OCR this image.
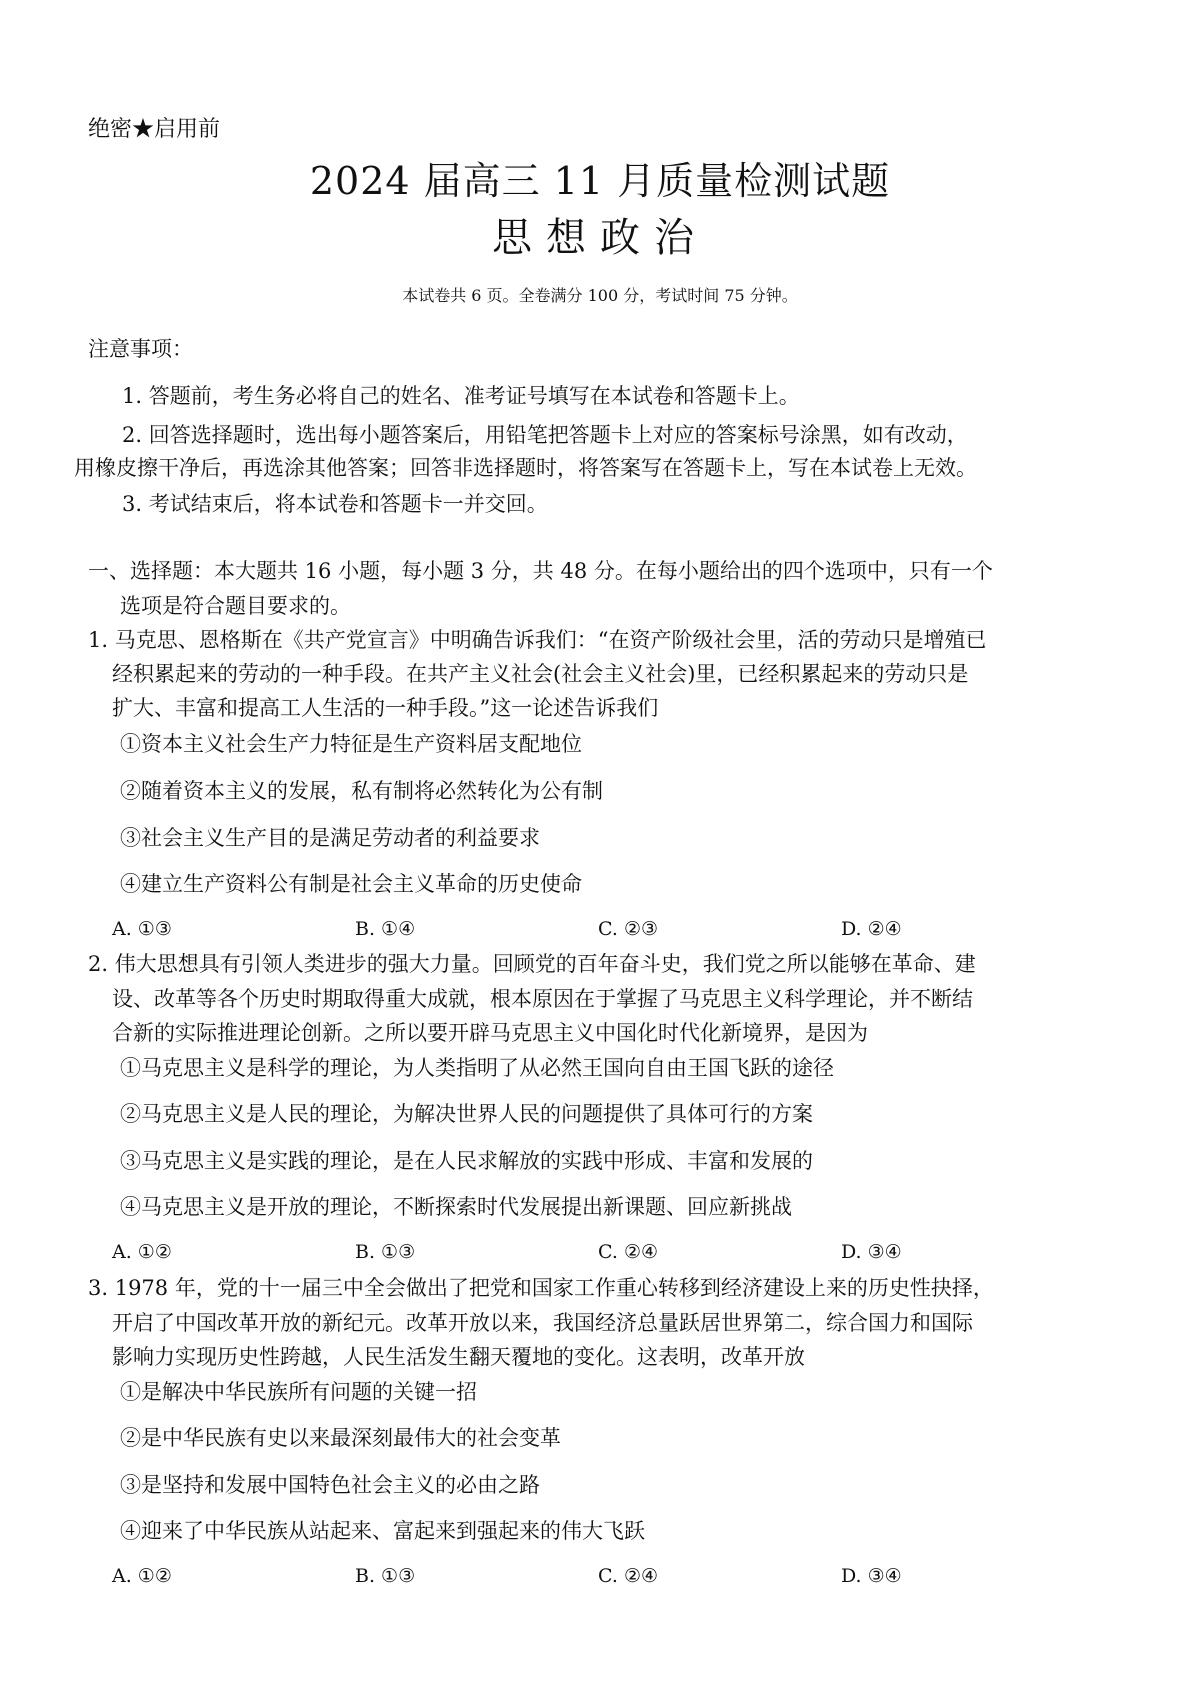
绝密★启用前
2024 届高三 11 月质量检测试题
思想政治
本试卷共 6 页。全卷满分 100 分，考试时间 75 分钟。
注意事项：
1. 答题前，考生务必将自己的姓名、准考证号填写在本试卷和答题卡上。
2. 回答选择题时，选出每小题答案后，用铅笔把答题卡上对应的答案标号涂黑，如有改动，
用橡皮擦干净后，再选涂其他答案；回答非选择题时，将答案写在答题卡上，写在本试卷上无效。
3. 考试结束后，将本试卷和答题卡一并交回。
一、选择题：本大题共 16 小题，每小题 3 分，共 48 分。在每小题给出的四个选项中，只有一个
选项是符合题目要求的。
1. 马克思、恩格斯在《共产党宣言》中明确告诉我们：“在资产阶级社会里，活的劳动只是增殖已
经积累起来的劳动的一种手段。在共产主义社会(社会主义社会)里，已经积累起来的劳动只是
扩大、丰富和提高工人生活的一种手段。”这一论述告诉我们
①资本主义社会生产力特征是生产资料居支配地位
②随着资本主义的发展，私有制将必然转化为公有制
③社会主义生产目的是满足劳动者的利益要求
④建立生产资料公有制是社会主义革命的历史使命
A. ①③	B. ①④	C. ②③	D. ②④
2. 伟大思想具有引领人类进步的强大力量。回顾党的百年奋斗史，我们党之所以能够在革命、建
设、改革等各个历史时期取得重大成就，根本原因在于掌握了马克思主义科学理论，并不断结
合新的实际推进理论创新。之所以要开辟马克思主义中国化时代化新境界，是因为
①马克思主义是科学的理论，为人类指明了从必然王国向自由王国飞跃的途径
②马克思主义是人民的理论，为解决世界人民的问题提供了具体可行的方案
③马克思主义是实践的理论，是在人民求解放的实践中形成、丰富和发展的
④马克思主义是开放的理论，不断探索时代发展提出新课题、回应新挑战
A. ①②	B. ①③	C. ②④	D. ③④
3. 1978 年，党的十一届三中全会做出了把党和国家工作重心转移到经济建设上来的历史性抉择，
开启了中国改革开放的新纪元。改革开放以来，我国经济总量跃居世界第二，综合国力和国际
影响力实现历史性跨越，人民生活发生翻天覆地的变化。这表明，改革开放
①是解决中华民族所有问题的关键一招
②是中华民族有史以来最深刻最伟大的社会变革
③是坚持和发展中国特色社会主义的必由之路
④迎来了中华民族从站起来、富起来到强起来的伟大飞跃
A. ①②	B. ①③	C. ②④	D. ③④
